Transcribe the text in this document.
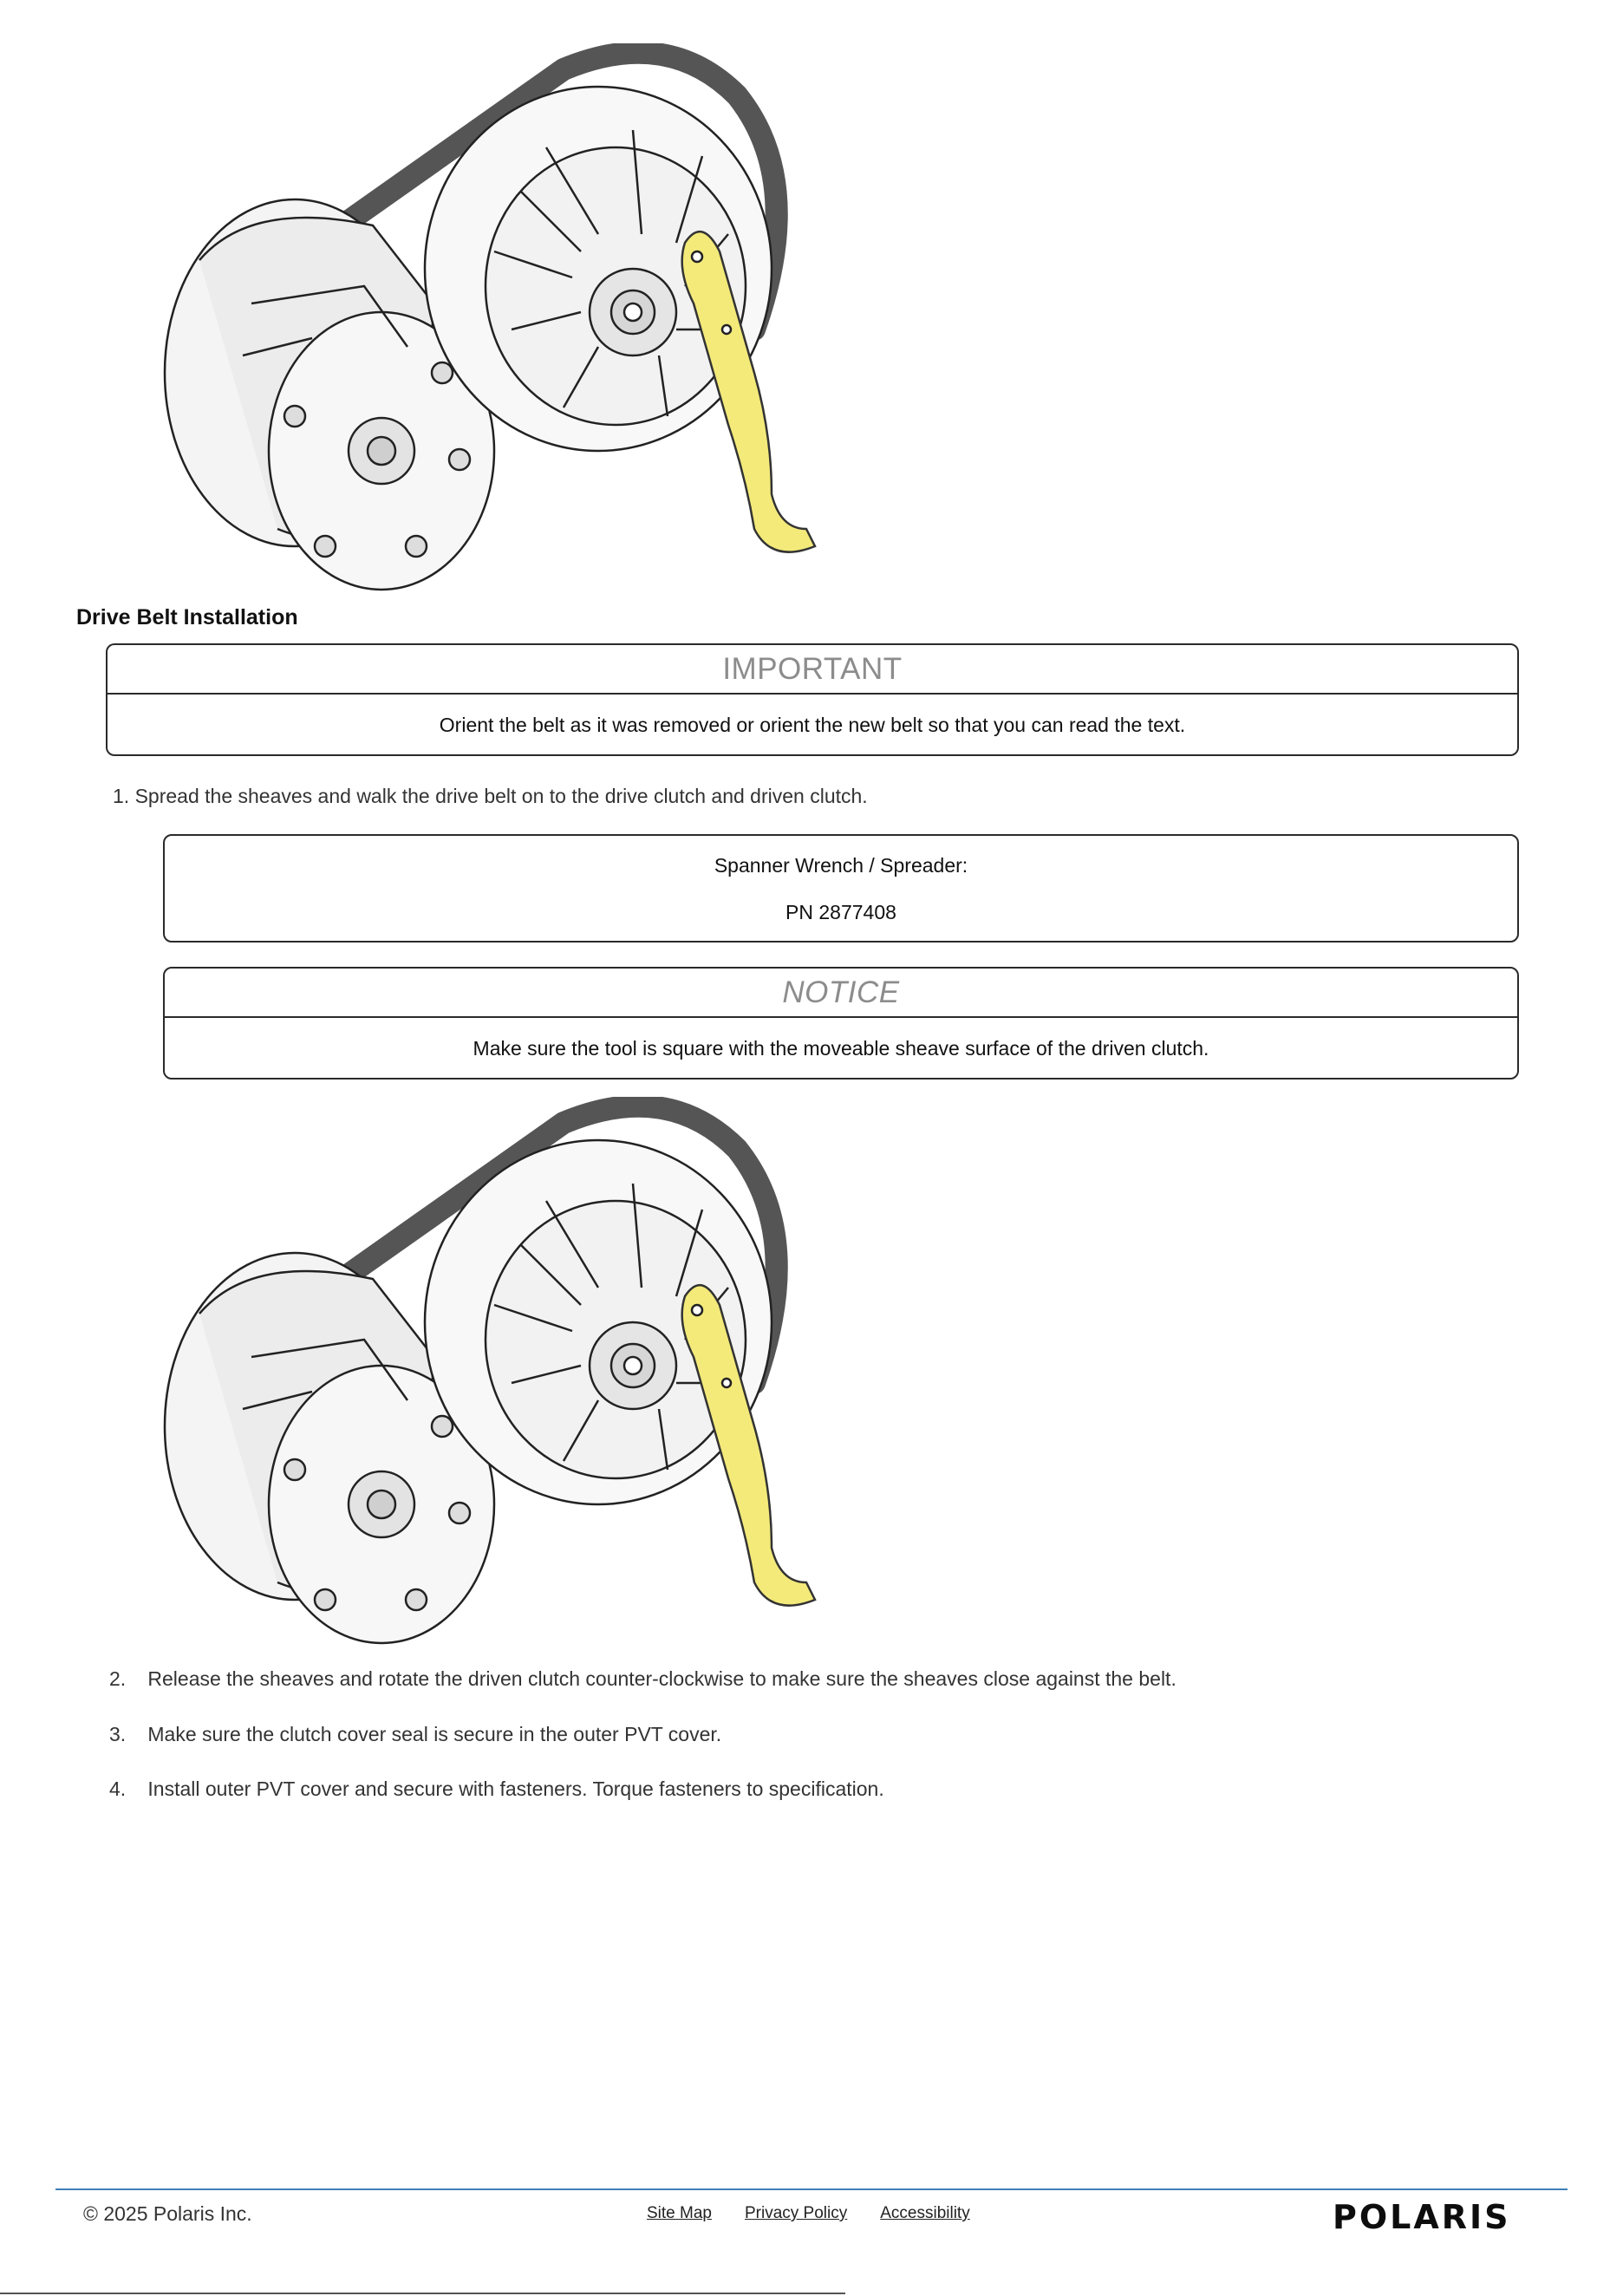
Drive Belt Installation
IMPORTANT
Orient the belt as it was removed or orient the new belt so that you can read the text.
1. Spread the sheaves and walk the drive belt on to the drive clutch and driven clutch.
Spanner Wrench / Spreader:
PN 2877408
NOTICE
Make sure the tool is square with the moveable sheave surface of the driven clutch.
2. Release the sheaves and rotate the driven clutch counter-clockwise to make sure the sheaves close against the belt.
3. Make sure the clutch cover seal is secure in the outer PVT cover.
4. Install outer PVT cover and secure with fasteners. Torque fasteners to specification.
© 2025 Polaris Inc.	Site Map Privacy Policy Accessibility	POLARIS
